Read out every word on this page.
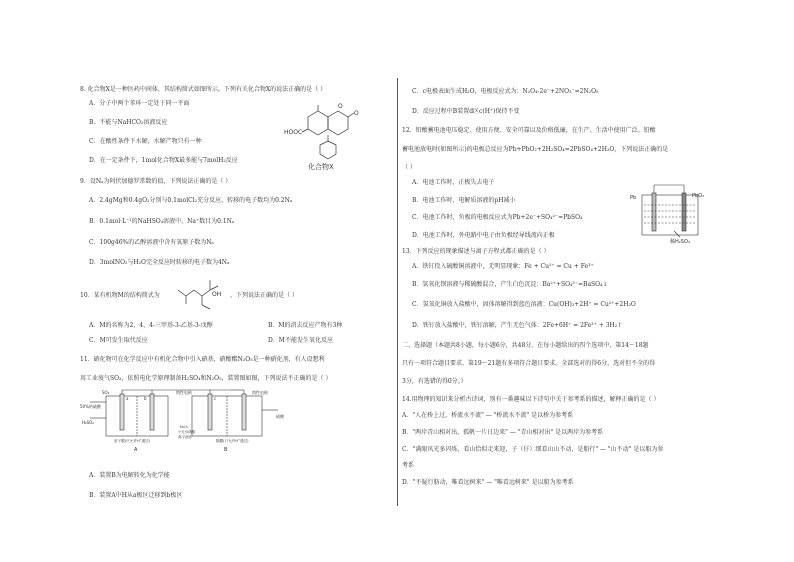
8. 化合物X是一种医药中间体，其结构简式如图所示。下列有关化合物X的说法正确的是（ ）
A．分子中两个苯环一定处于同一平面
B．不能与NaHCO₃溶液反应
C．在酸性条件下水解，水解产物只有一种
D．在一定条件下，1mol化合物X最多能与7molH₂反应
O
O
HOOC
化合物X
9．设Nₐ为阿伏加德罗常数的值，下列说法正确的是（ ）
A．2.4gMg和0.4gO₂分别与0.1molCl₂充分反应，转移的电子数均为0.2Nₐ
B．0.1mol·L⁻¹的NaHSO₄溶液中，Na⁺数目为0.1Nₐ
C．100g46%的乙醇溶液中含有氧原子数为Nₐ
D．3molNO₂与H₂O完全反应时转移的电子数为4Nₐ
10．某有机物M的结构简式为	OH ，下列说法正确的是（ ）
A．M的名称为2，4，4-三甲基-3-乙基-3-戊醇	B．M的消去反应产物有3种
C．M可发生取代反应	D．M不能发生氧化反应
11．硝化物可在化学反应中有机化合物中引入硝基，硝酸酯N₂O₅是一种硝化剂，有人设想利
用工业废气SO₂，依照电化学原理制备H₂SO₄和N₂O₅，装置图如图，下列说法不正确的是（ ）
SO₂
a	b	c
惰性电极	惰性电极
50%的硫酸
H₂SO₄
质子膜(只允许H⁺通过)
N₂O₅
+无水硝酸
离子液体
隔膜(只允许H⁺通过)
硝酸
A	B
A．装置B为电解转化为化学能
B．装置A中H从a极区迁移到b极区
C．c电极表面生成H₂O，电极反应式为：N₂O₄-2e⁻+2NO₃⁻=2N₂O₅
D．反应过程中B装置d区c(H⁺)保持不变
12．铅酸蓄电池电压稳定、使用方便、安全可靠以及价格低廉，在生产、生活中使用广泛。铅酸
蓄电池放电时(如图所示)的电极总反应为Pb+PbO₂+2H₂SO₄=2PbSO₄+2H₂O，下列说法正确的是
（ ）
A．电池工作时，正极失去电子
B．电池工作时，电解质溶液的pH减小
C．电池工作时，负极的电极反应式为Pb+2e⁻+SO₄²⁻=PbSO₄
D．电池工作时，外电路中电子由负极经导线流向正极
Pb	PbO₂
稀H₂SO₄
13．下列反应的现象描述与离子方程式都正确的是（ ）
A．铁钉投入硫酸铜溶液中，无明显现象：Fe + Cu²⁺ = Cu + Fe³⁺
B．氢氧化钡溶液与稀硫酸混合，产生白色沉淀：Ba²⁺+SO₄²⁻=BaSO₄↓
C．氢氧化铜放入盐酸中，固体溶解得到蓝色溶液：Cu(OH)₂+2H⁺ = Cu²⁺+2H₂O
D．铁钉放入盐酸中，铁钉溶解，产生无色气体：2Fe+6H⁺ = 2Fe³⁺ + 3H₂↑
二、选择题（本题共8小题，每小题6分，共48分。在每小题给出的四个选项中，第14～18题
只有一项符合题目要求，第19～21题有多项符合题目要求。全部选对的得6分，选对但不全的得
3分，有选错的得0分。）
14.用物理的知识来分析古诗词，别有一番趣味以下诗句中关于参考系的描述，解释正确的是（ ）
A．"人在桥上过，桥流水不流" — "桥流水不流" 是以桥为参考系
B．"两岸青山相对出，孤帆一片日边来" — "青山相对出" 是以两岸为参考系
C．"满眼风光多闪烁，看山恰似走来迎，子（仔）细看山山不动，是船行" — "山不动" 是以船为参
考系
D．"不疑行舫动，唯看远树来" — "唯看远树来" 是以船为参考系
